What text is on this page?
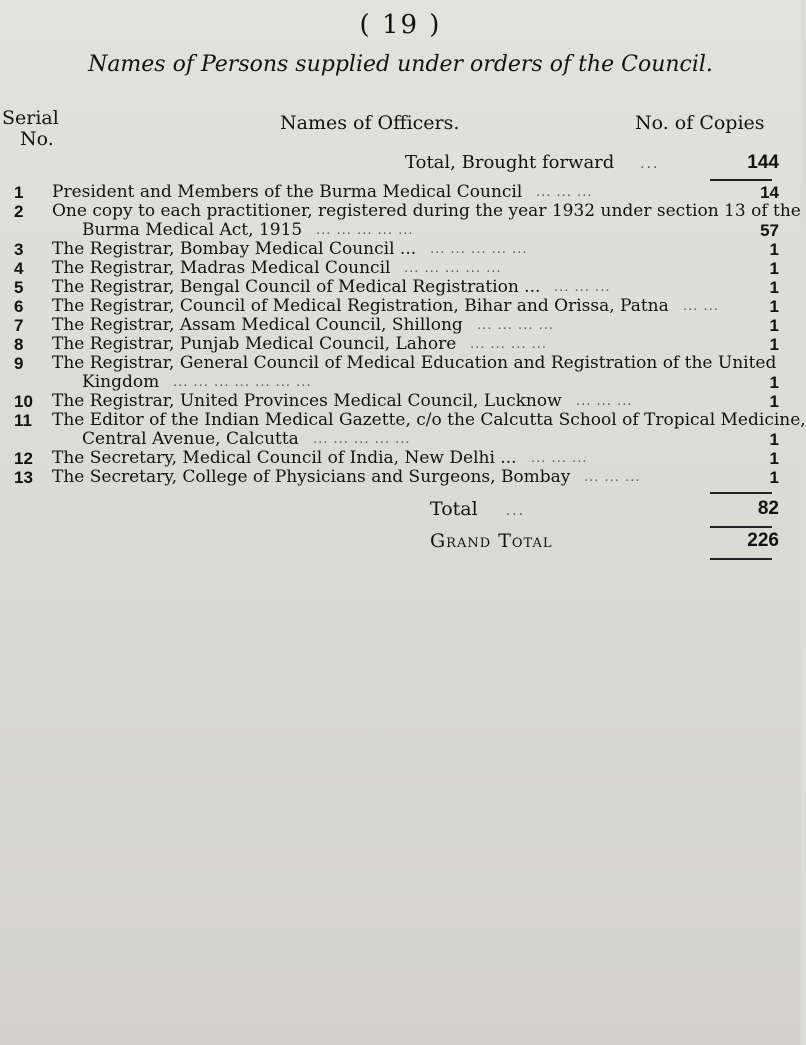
( 19 )
Names of Persons supplied under orders of the Council.
Serial
No.
Names of Officers.	No. of Copies
Total, Brought forward ...	144
1	President and Members of the Burma Medical Council ... ... ...	14
2	One copy to each practitioner, registered during the year 1932 under section 13 of the
Burma Medical Act, 1915 ... ... ... ... ...	57
3	The Registrar, Bombay Medical Council ... ... ... ... ... ...	1
4	The Registrar, Madras Medical Council ... ... ... ... ...	1
5	The Registrar, Bengal Council of Medical Registration ... ... ... ...	1
6	The Registrar, Council of Medical Registration, Bihar and Orissa, Patna ... ...	1
7	The Registrar, Assam Medical Council, Shillong ... ... ... ...	1
8	The Registrar, Punjab Medical Council, Lahore ... ... ... ...	1
9	The Registrar, General Council of Medical Education and Registration of the United
Kingdom ... ... ... ... ... ... ...	1
10	The Registrar, United Provinces Medical Council, Lucknow ... ... ...	1
11	The Editor of the Indian Medical Gazette, c/o the Calcutta School of Tropical Medicine,
Central Avenue, Calcutta ... ... ... ... ...	1
12	The Secretary, Medical Council of India, New Delhi ... ... ... ...	1
13	The Secretary, College of Physicians and Surgeons, Bombay ... ... ...	1
Total ...	82
Grand Total	226
